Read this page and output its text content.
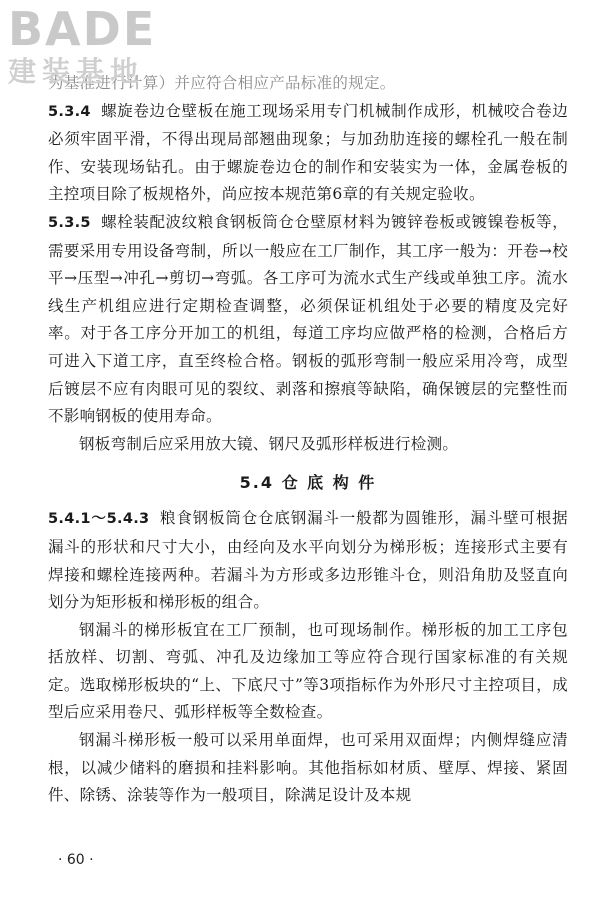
BADE
建装基地

为基准进行计算）并应符合相应产品标准的规定。

5.3.4 螺旋卷边仓壁板在施工现场采用专门机械制作成形，机械咬合卷边必须牢固平滑，不得出现局部翘曲现象；与加劲肋连接的螺栓孔一般在制作、安装现场钻孔。由于螺旋卷边仓的制作和安装实为一体，金属卷板的主控项目除了板规格外，尚应按本规范第6章的有关规定验收。

5.3.5 螺栓装配波纹粮食钢板筒仓仓壁原材料为镀锌卷板或镀镍卷板等，需要采用专用设备弯制，所以一般应在工厂制作，其工序一般为：开卷→校平→压型→冲孔→剪切→弯弧。各工序可为流水式生产线或单独工序。流水线生产机组应进行定期检查调整，必须保证机组处于必要的精度及完好率。对于各工序分开加工的机组，每道工序均应做严格的检测，合格后方可进入下道工序，直至终检合格。钢板的弧形弯制一般应采用冷弯，成型后镀层不应有肉眼可见的裂纹、剥落和擦痕等缺陷，确保镀层的完整性而不影响钢板的使用寿命。

钢板弯制后应采用放大镜、钢尺及弧形样板进行检测。

5.4 仓 底 构 件

5.4.1～5.4.3 粮食钢板筒仓仓底钢漏斗一般都为圆锥形，漏斗壁可根据漏斗的形状和尺寸大小，由经向及水平向划分为梯形板；连接形式主要有焊接和螺栓连接两种。若漏斗为方形或多边形锥斗仓，则沿角肋及竖直向划分为矩形板和梯形板的组合。

钢漏斗的梯形板宜在工厂预制，也可现场制作。梯形板的加工工序包括放样、切割、弯弧、冲孔及边缘加工等应符合现行国家标准的有关规定。选取梯形板块的“上、下底尺寸”等3项指标作为外形尺寸主控项目，成型后应采用卷尺、弧形样板等全数检查。

钢漏斗梯形板一般可以采用单面焊，也可采用双面焊；内侧焊缝应清根，以减少储料的磨损和挂料影响。其他指标如材质、壁厚、焊接、紧固件、除锈、涂装等作为一般项目，除满足设计及本规

· 60 ·
